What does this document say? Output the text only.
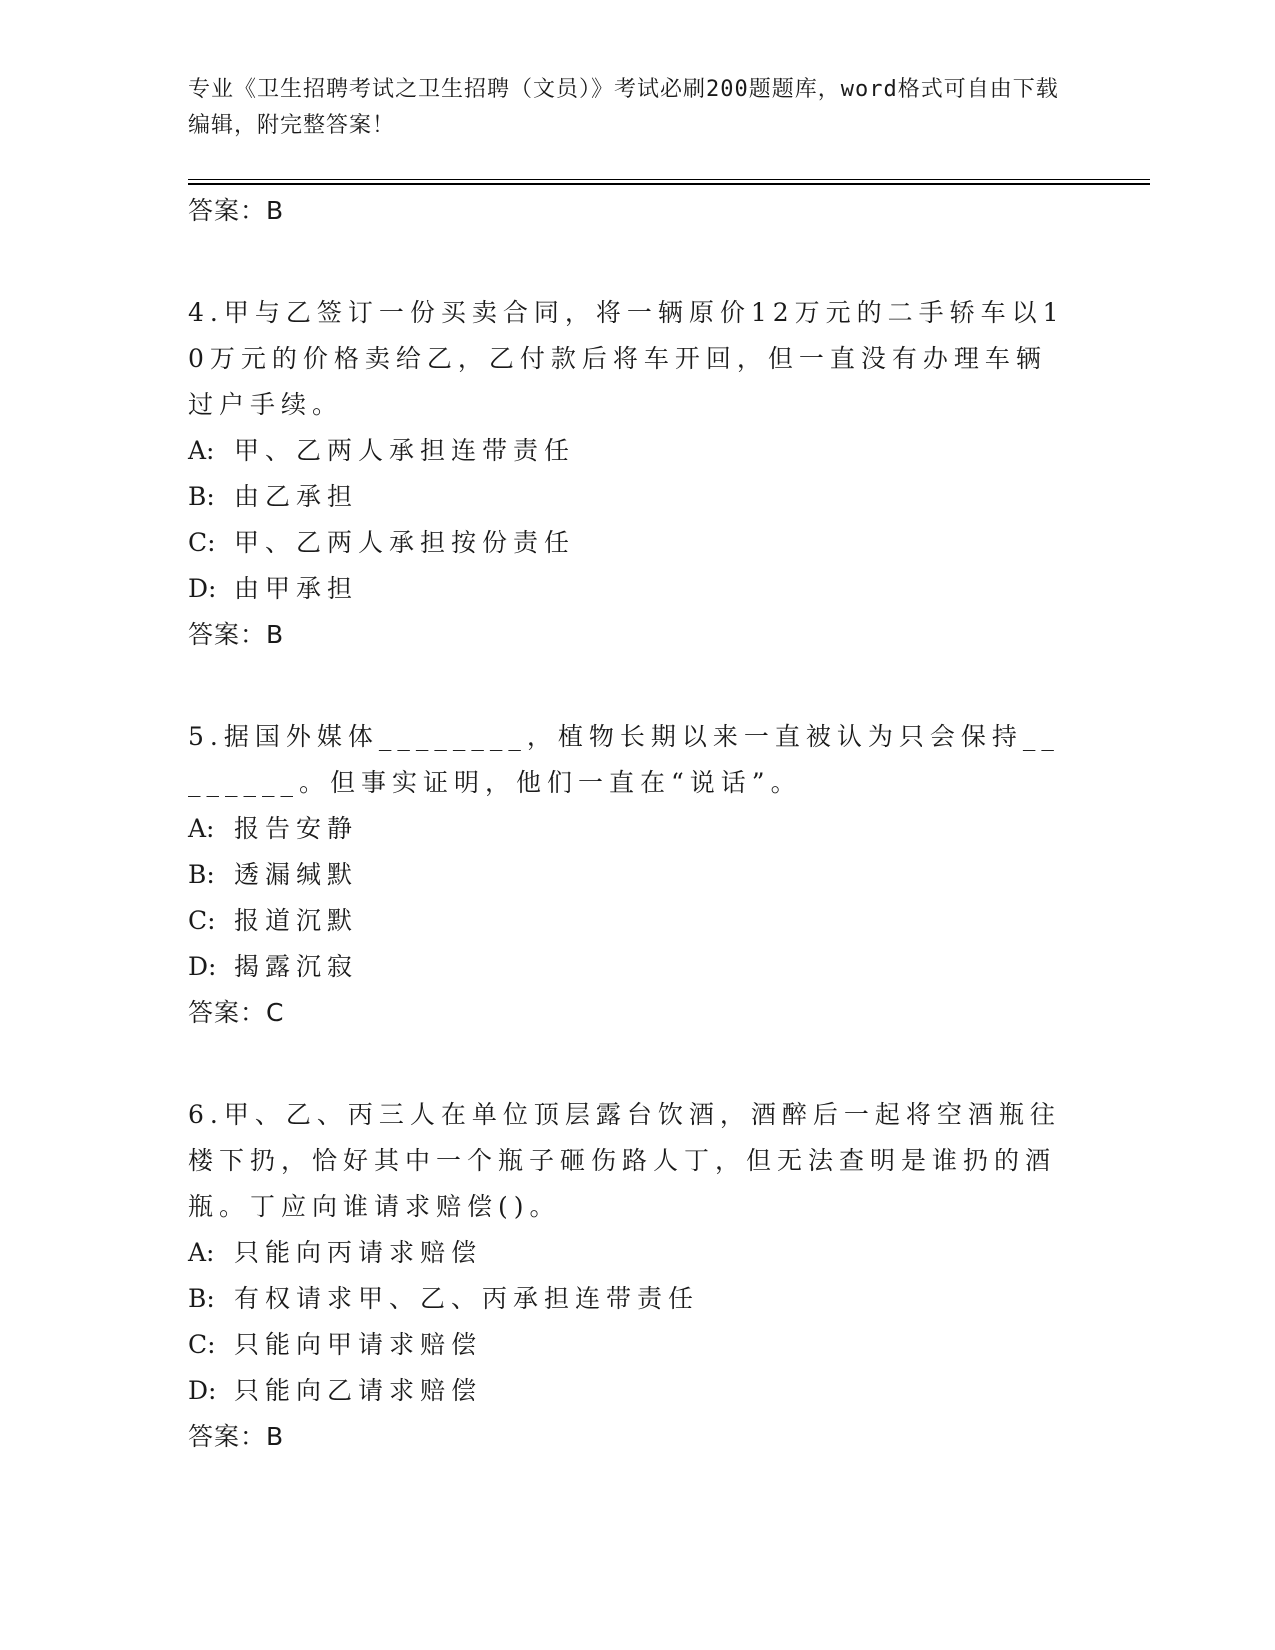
专业《卫生招聘考试之卫生招聘（文员）》考试必刷200题题库，word格式可自由下载编辑，附完整答案！
答案：B
4.甲与乙签订一份买卖合同，将一辆原价12万元的二手轿车以10万元的价格卖给乙，乙付款后将车开回，但一直没有办理车辆过户手续。
A: 甲、乙两人承担连带责任
B: 由乙承担
C: 甲、乙两人承担按份责任
D: 由甲承担
答案：B
5.据国外媒体________，植物长期以来一直被认为只会保持________。但事实证明，他们一直在“说话”。
A: 报告安静
B: 透漏缄默
C: 报道沉默
D: 揭露沉寂
答案：C
6.甲、乙、丙三人在单位顶层露台饮酒，酒醉后一起将空酒瓶往楼下扔，恰好其中一个瓶子砸伤路人丁，但无法查明是谁扔的酒瓶。丁应向谁请求赔偿()。
A: 只能向丙请求赔偿
B: 有权请求甲、乙、丙承担连带责任
C: 只能向甲请求赔偿
D: 只能向乙请求赔偿
答案：B
